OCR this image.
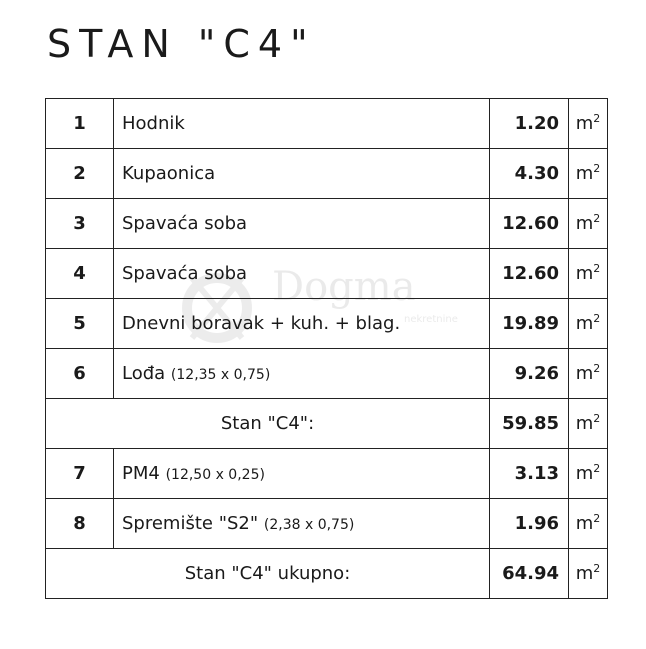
STAN "C4"
Dogma
nekretnine
1	Hodnik	1.20	$m^2$
2	Kupaonica	4.30	$m^2$
3	Spavaća soba	12.60	$m^2$
4	Spavaća soba	12.60	$m^2$
5	Dnevni boravak + kuh. + blag.	19.89	$m^2$
6	Lođa (12,35 x 0,75)	9.26	$m^2$
Stan "C4":		59.85	$m^2$
7	PM4 (12,50 x 0,25)	3.13	$m^2$
8	Spremište "S2" (2,38 x 0,75)	1.96	$m^2$
Stan "C4" ukupno:		64.94	$m^2$
